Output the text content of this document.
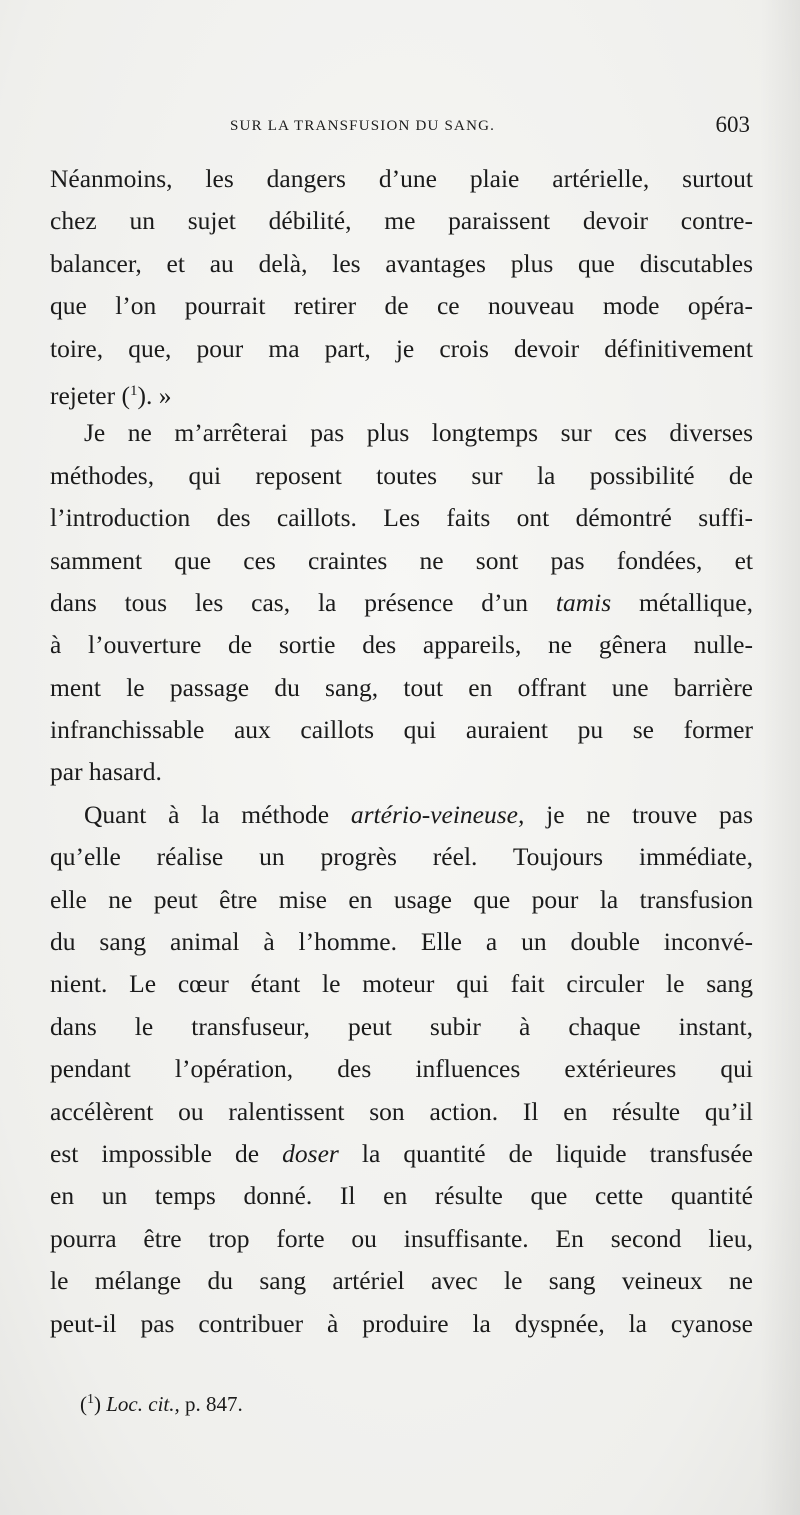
SUR LA TRANSFUSION DU SANG.	603
Néanmoins, les dangers d’une plaie artérielle, surtout
chez un sujet débilité, me paraissent devoir contre-
balancer, et au delà, les avantages plus que discutables
que l’on pourrait retirer de ce nouveau mode opéra-
toire, que, pour ma part, je crois devoir définitivement
rejeter ($^1$). »
Je ne m’arrêterai pas plus longtemps sur ces diverses
méthodes, qui reposent toutes sur la possibilité de
l’introduction des caillots. Les faits ont démontré suffi-
samment que ces craintes ne sont pas fondées, et
dans tous les cas, la présence d’un tamis métallique,
à l’ouverture de sortie des appareils, ne gênera nulle-
ment le passage du sang, tout en offrant une barrière
infranchissable aux caillots qui auraient pu se former
par hasard.
Quant à la méthode artério-veineuse, je ne trouve pas
qu’elle réalise un progrès réel. Toujours immédiate,
elle ne peut être mise en usage que pour la transfusion
du sang animal à l’homme. Elle a un double inconvé-
nient. Le cœur étant le moteur qui fait circuler le sang
dans le transfuseur, peut subir à chaque instant,
pendant l’opération, des influences extérieures qui
accélèrent ou ralentissent son action. Il en résulte qu’il
est impossible de doser la quantité de liquide transfusée
en un temps donné. Il en résulte que cette quantité
pourra être trop forte ou insuffisante. En second lieu,
le mélange du sang artériel avec le sang veineux ne
peut-il pas contribuer à produire la dyspnée, la cyanose
($^1$) Loc. cit., p. 847.
